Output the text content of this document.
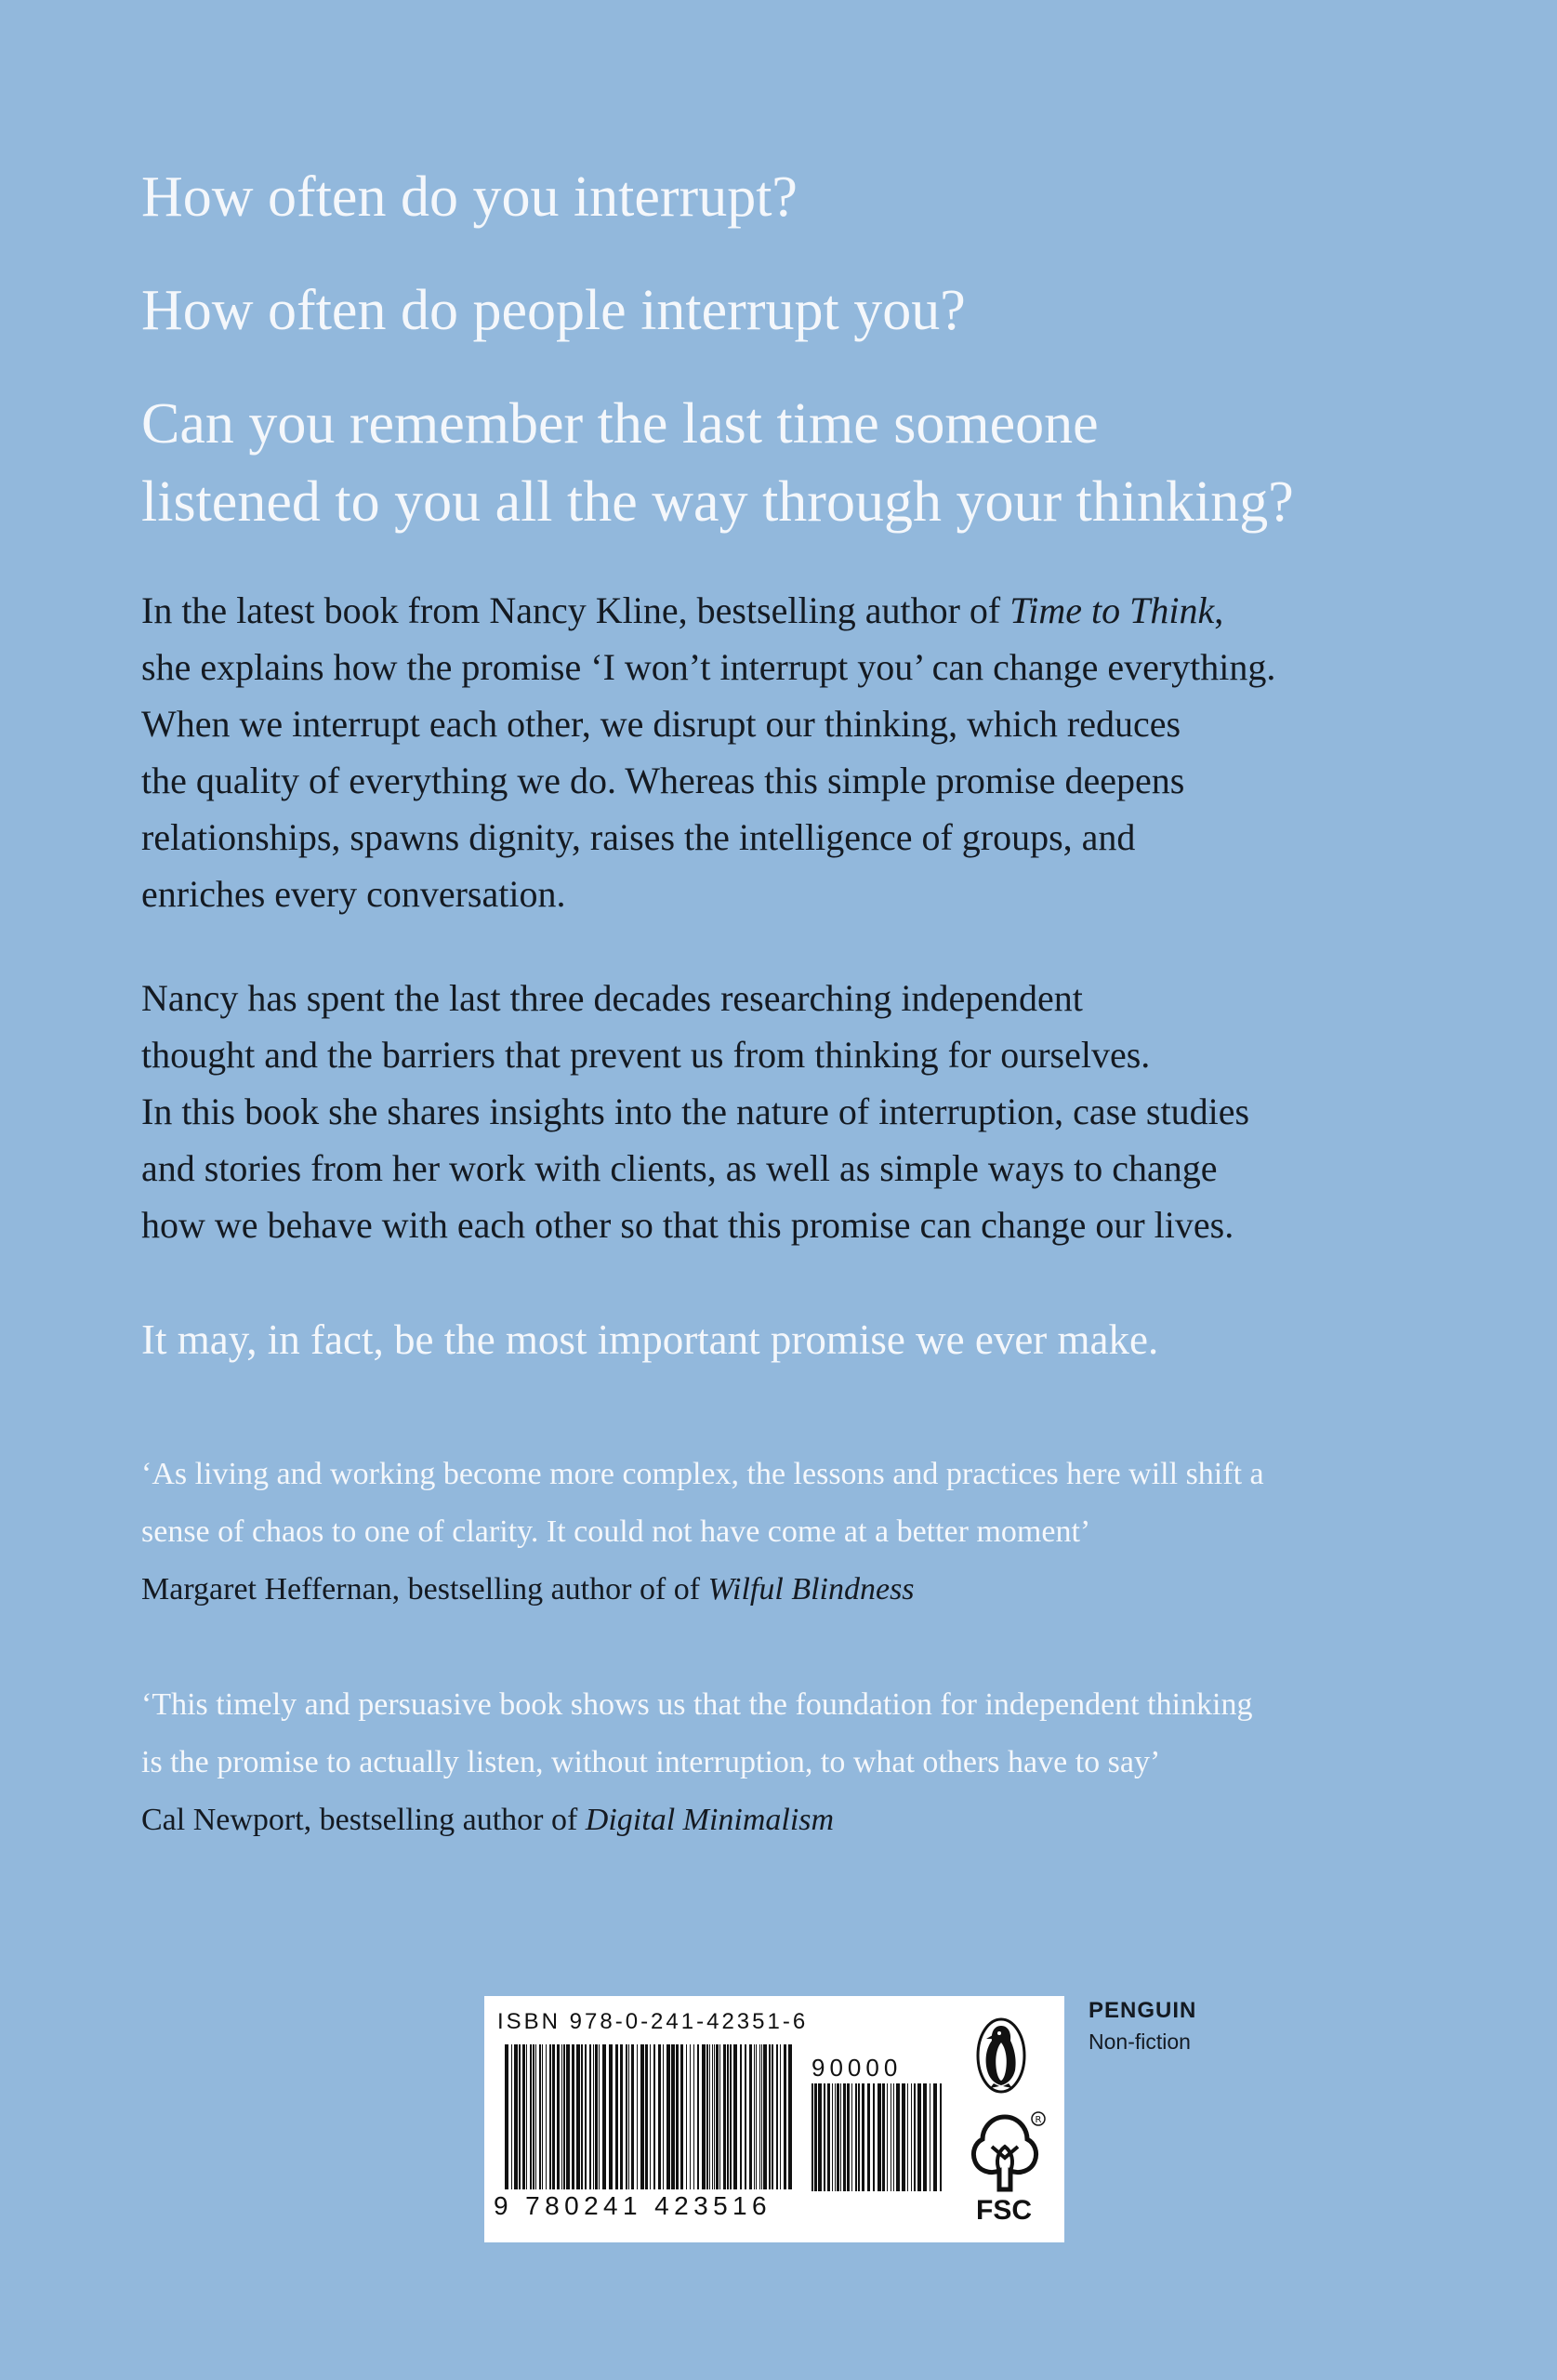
How often do you interrupt?

How often do people interrupt you?

Can you remember the last time someone
listened to you all the way through your thinking?

In the latest book from Nancy Kline, bestselling author of Time to Think,
she explains how the promise ‘I won’t interrupt you’ can change everything.
When we interrupt each other, we disrupt our thinking, which reduces
the quality of everything we do. Whereas this simple promise deepens
relationships, spawns dignity, raises the intelligence of groups, and
enriches every conversation.

Nancy has spent the last three decades researching independent
thought and the barriers that prevent us from thinking for ourselves.
In this book she shares insights into the nature of interruption, case studies
and stories from her work with clients, as well as simple ways to change
how we behave with each other so that this promise can change our lives.

It may, in fact, be the most important promise we ever make.

‘As living and working become more complex, the lessons and practices here will shift a
sense of chaos to one of clarity. It could not have come at a better moment’
Margaret Heffernan, bestselling author of of Wilful Blindness

‘This timely and persuasive book shows us that the foundation for independent thinking
is the promise to actually listen, without interruption, to what others have to say’
Cal Newport, bestselling author of Digital Minimalism

ISBN 978-0-241-42351-6
90000
9 780241 423516
R
FSC
PENGUIN
Non-fiction
